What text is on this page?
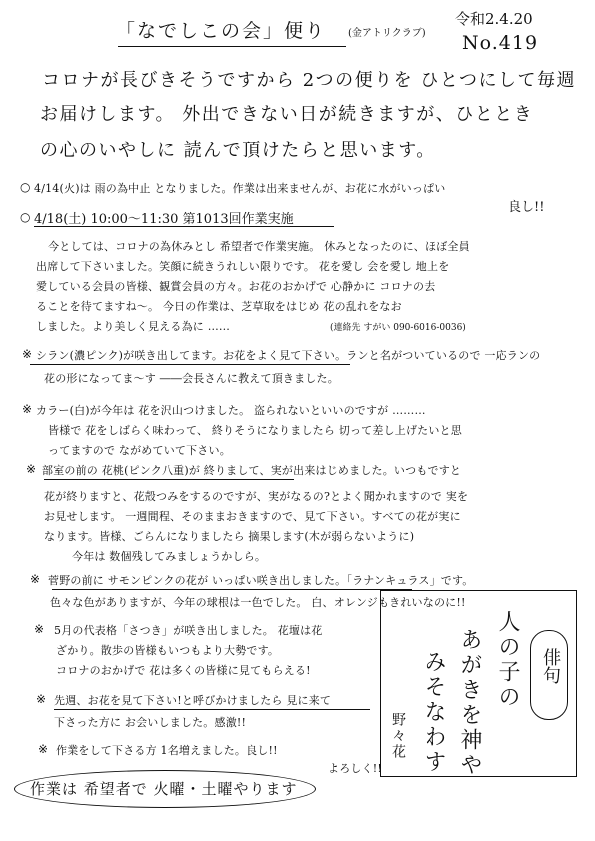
「なでしこの会」便り (金アトリクラブ)
令和2.4.20
No.419
コロナが長びきそうですから 2つの便りを ひとつにして毎週
お届けします。 外出できない日が続きますが、ひととき
の心のいやしに 読んで頂けたらと思います。
○ 4/14(火)は 雨の為中止 となりました。作業は出来ませんが、お花に水がいっぱい
良し!!
○ 4/18(土) 10:00〜11:30 第1013回作業実施
今としては、コロナの為休みとし 希望者で作業実施。 休みとなったのに、ほぼ全員
出席して下さいました。笑顔に続きうれしい限りです。 花を愛し 会を愛し 地上を
愛している会員の皆様、観賞会員の方々。お花のおかげで 心静かに コロナの去
ることを待てますね〜。 今日の作業は、芝草取をはじめ 花の乱れをなお
しました。より美しく見える為に ……	(連絡先 すがい 090-6016-0036)
※ シラン(濃ピンク)が咲き出してます。お花をよく見て下さい。ランと名がついているので 一応ランの
花の形になってま〜す ――会長さんに教えて頂きました。
※ カラー(白)が今年は 花を沢山つけました。 盗られないといいのですが ………
皆様で 花をしばらく味わって、 終りそうになりましたら 切って差し上げたいと思
ってますので ながめていて下さい。
※ 部室の前の 花桃(ピンク八重)が 終りまして、実が出来はじめました。いつもですと
花が終りますと、花殻つみをするのですが、実がなるの?とよく聞かれますので 実を
お見せします。 一週間程、そのままおきますので、見て下さい。すべての花が実に
なります。皆様、ごらんになりましたら 摘果します(木が弱らないように)
今年は 数個残してみましょうかしら。
※ 菅野の前に サモンピンクの花が いっぱい咲き出しました。「ラナンキュラス」です。
色々な色がありますが、今年の球根は一色でした。 白、オレンジもきれいなのに!!
※ 5月の代表格「さつき」が咲き出しました。 花壇は花
ざかり。散歩の皆様もいつもより大勢です。
コロナのおかげで 花は多くの皆様に見てもらえる!
※ 先週、お花を見て下さい!と呼びかけましたら 見に来て
下さった方に お会いしました。感激!!
※ 作業をして下さる方 1名増えました。良し!!
よろしく!!
俳句
人の子の
あがきを神や
みそなわす
野々花
作業は 希望者で 火曜・土曜やります
